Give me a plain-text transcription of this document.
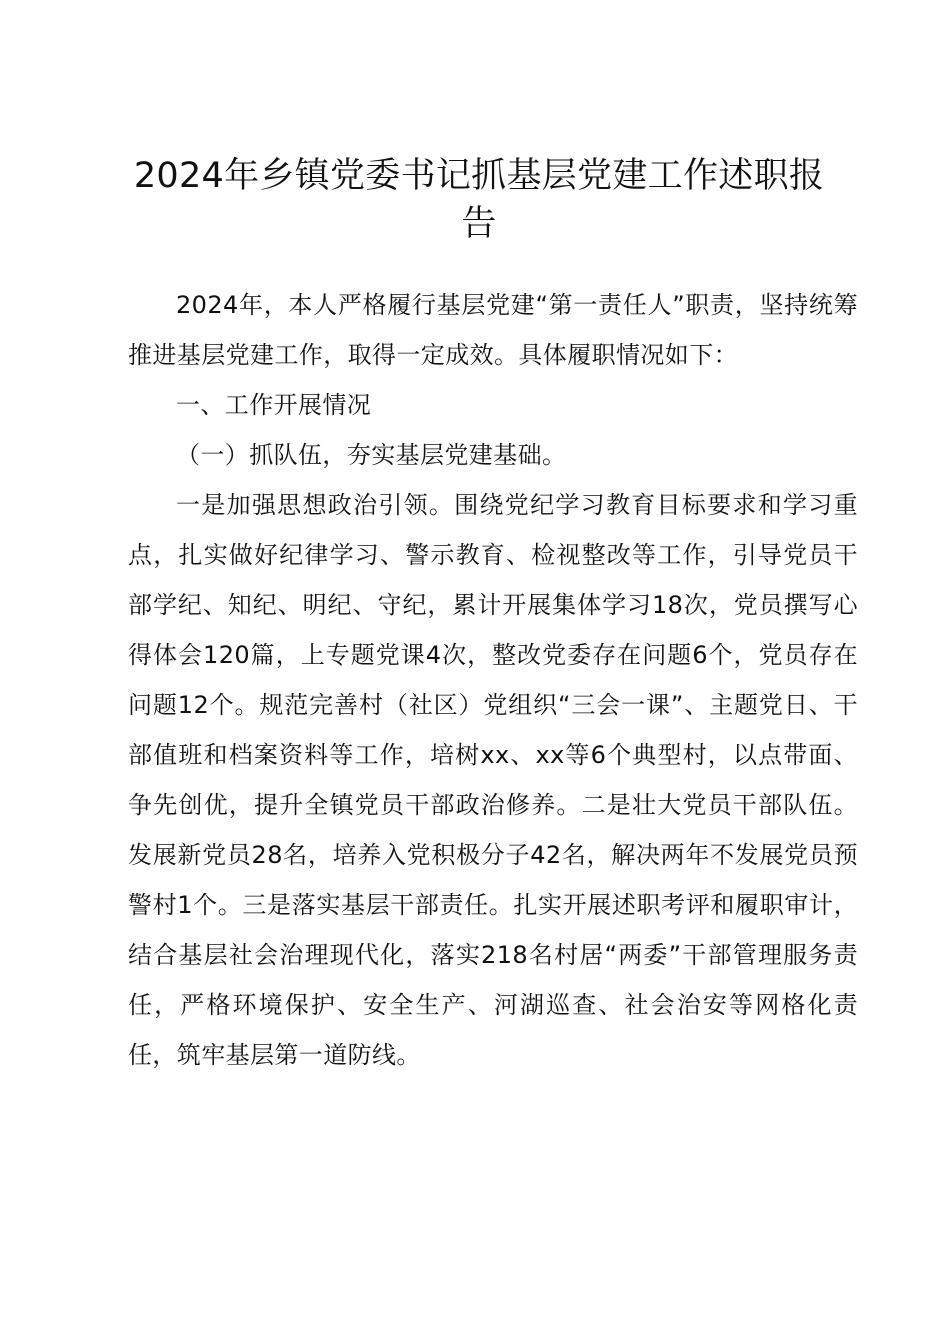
2024年乡镇党委书记抓基层党建工作述职报告

2024年，本人严格履行基层党建“第一责任人”职责，坚持统筹推进基层党建工作，取得一定成效。具体履职情况如下：

一、工作开展情况

（一）抓队伍，夯实基层党建基础。

一是加强思想政治引领。围绕党纪学习教育目标要求和学习重点，扎实做好纪律学习、警示教育、检视整改等工作，引导党员干部学纪、知纪、明纪、守纪，累计开展集体学习18次，党员撰写心得体会120篇，上专题党课4次，整改党委存在问题6个，党员存在问题12个。规范完善村（社区）党组织“三会一课”、主题党日、干部值班和档案资料等工作，培树xx、xx等6个典型村，以点带面、争先创优，提升全镇党员干部政治修养。二是壮大党员干部队伍。发展新党员28名，培养入党积极分子42名，解决两年不发展党员预警村1个。三是落实基层干部责任。扎实开展述职考评和履职审计，结合基层社会治理现代化，落实218名村居“两委”干部管理服务责任，严格环境保护、安全生产、河湖巡查、社会治安等网格化责任，筑牢基层第一道防线。
